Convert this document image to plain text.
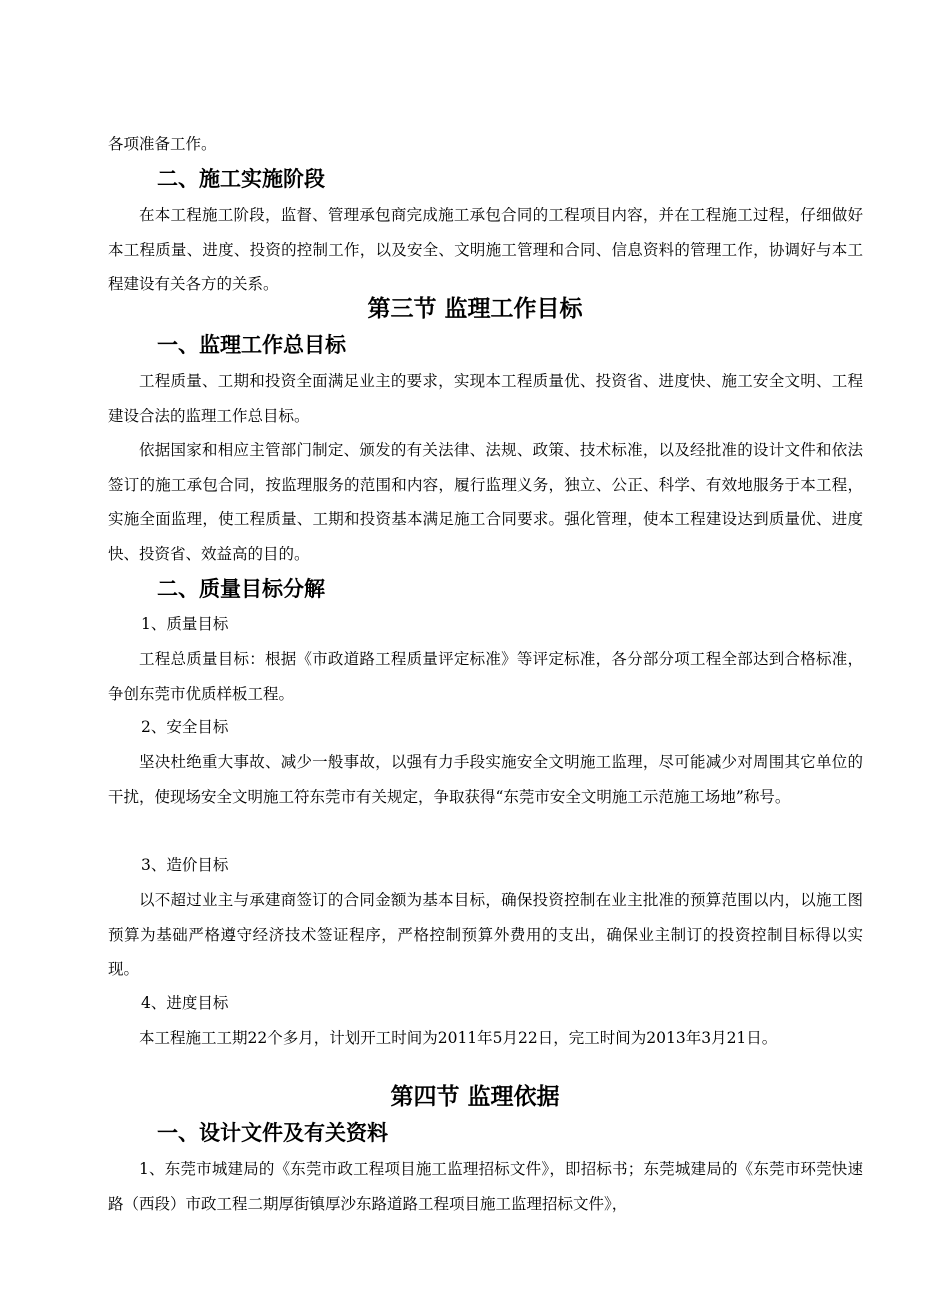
各项准备工作。

二、施工实施阶段

在本工程施工阶段，监督、管理承包商完成施工承包合同的工程项目内容，并在工程施工过程，仔细做好本工程质量、进度、投资的控制工作，以及安全、文明施工管理和合同、信息资料的管理工作，协调好与本工程建设有关各方的关系。

第三节 监理工作目标
一、监理工作总目标

工程质量、工期和投资全面满足业主的要求，实现本工程质量优、投资省、进度快、施工安全文明、工程建设合法的监理工作总目标。

依据国家和相应主管部门制定、颁发的有关法律、法规、政策、技术标准，以及经批准的设计文件和依法签订的施工承包合同，按监理服务的范围和内容，履行监理义务，独立、公正、科学、有效地服务于本工程，实施全面监理，使工程质量、工期和投资基本满足施工合同要求。强化管理，使本工程建设达到质量优、进度快、投资省、效益高的目的。

二、质量目标分解

1、质量目标

工程总质量目标：根据《市政道路工程质量评定标准》等评定标准，各分部分项工程全部达到合格标准，争创东莞市优质样板工程。

2、安全目标

坚决杜绝重大事故、减少一般事故，以强有力手段实施安全文明施工监理，尽可能减少对周围其它单位的干扰，使现场安全文明施工符东莞市有关规定，争取获得“东莞市安全文明施工示范施工场地”称号。

3、造价目标

以不超过业主与承建商签订的合同金额为基本目标，确保投资控制在业主批准的预算范围以内，以施工图预算为基础严格遵守经济技术签证程序，严格控制预算外费用的支出，确保业主制订的投资控制目标得以实现。

4、进度目标

本工程施工工期22个多月，计划开工时间为2011年5月22日，完工时间为2013年3月21日。

第四节 监理依据
一、设计文件及有关资料

1、东莞市城建局的《东莞市政工程项目施工监理招标文件》，即招标书；东莞城建局的《东莞市环莞快速路（西段）市政工程二期厚街镇厚沙东路道路工程项目施工监理招标文件》，
